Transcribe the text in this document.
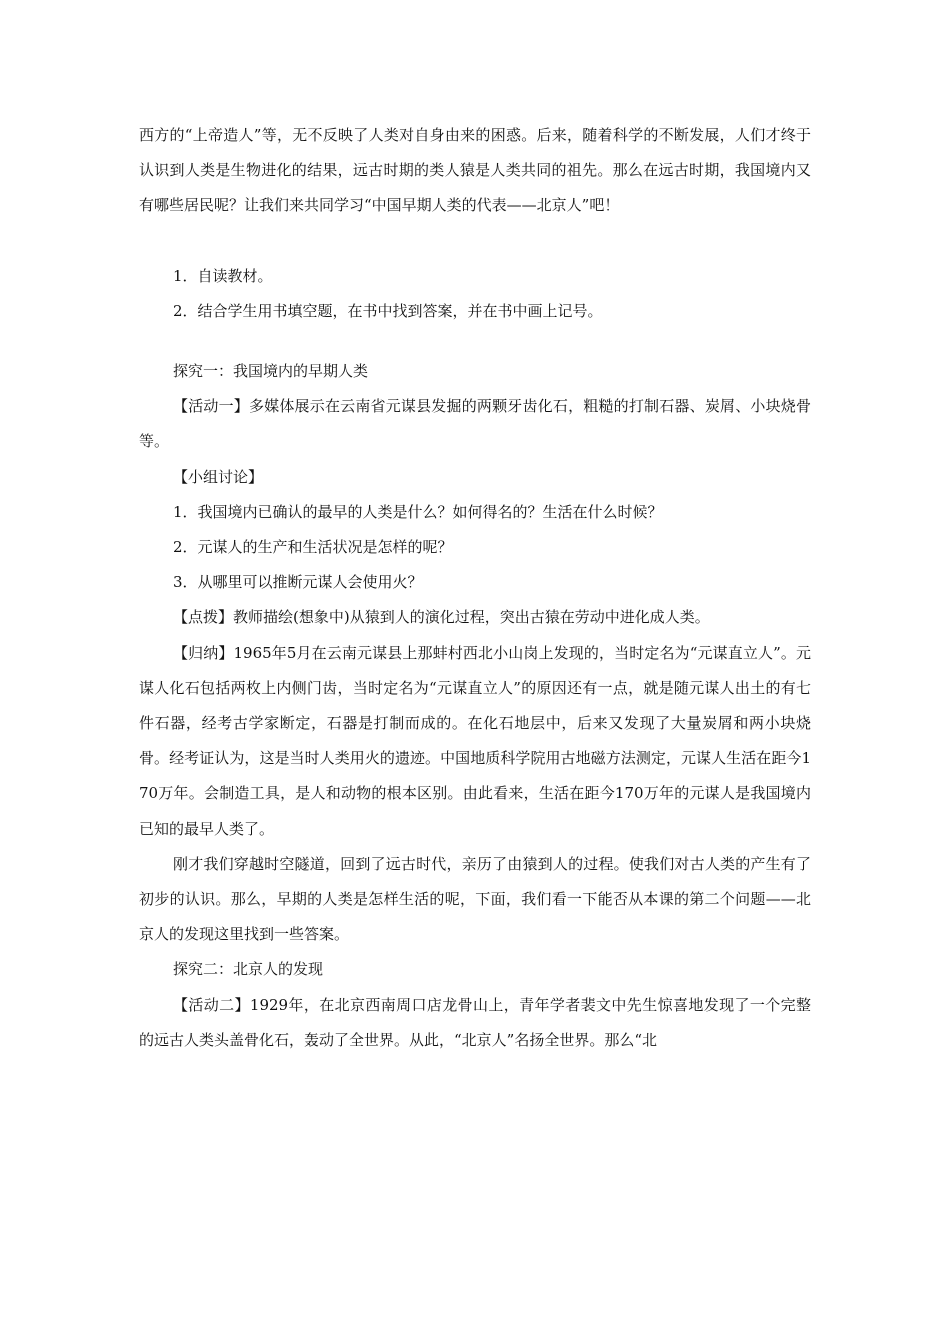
西方的“上帝造人”等，无不反映了人类对自身由来的困惑。后来，随着科学的不断发展，人们才终于认识到人类是生物进化的结果，远古时期的类人猿是人类共同的祖先。那么在远古时期，我国境内又有哪些居民呢？让我们来共同学习“中国早期人类的代表——北京人”吧！

1．自读教材。

2．结合学生用书填空题，在书中找到答案，并在书中画上记号。

探究一：我国境内的早期人类

【活动一】多媒体展示在云南省元谋县发掘的两颗牙齿化石，粗糙的打制石器、炭屑、小块烧骨等。

【小组讨论】

1．我国境内已确认的最早的人类是什么？如何得名的？生活在什么时候？

2．元谋人的生产和生活状况是怎样的呢？

3．从哪里可以推断元谋人会使用火？

【点拨】教师描绘(想象中)从猿到人的演化过程，突出古猿在劳动中进化成人类。

【归纳】1965年5月在云南元谋县上那蚌村西北小山岗上发现的，当时定名为“元谋直立人”。元谋人化石包括两枚上内侧门齿，当时定名为“元谋直立人”的原因还有一点，就是随元谋人出土的有七件石器，经考古学家断定，石器是打制而成的。在化石地层中，后来又发现了大量炭屑和两小块烧骨。经考证认为，这是当时人类用火的遗迹。中国地质科学院用古地磁方法测定，元谋人生活在距今170万年。会制造工具，是人和动物的根本区别。由此看来，生活在距今170万年的元谋人是我国境内已知的最早人类了。

刚才我们穿越时空隧道，回到了远古时代，亲历了由猿到人的过程。使我们对古人类的产生有了初步的认识。那么，早期的人类是怎样生活的呢，下面，我们看一下能否从本课的第二个问题——北京人的发现这里找到一些答案。

探究二：北京人的发现

【活动二】1929年，在北京西南周口店龙骨山上，青年学者裴文中先生惊喜地发现了一个完整的远古人类头盖骨化石，轰动了全世界。从此，“北京人”名扬全世界。那么“北
